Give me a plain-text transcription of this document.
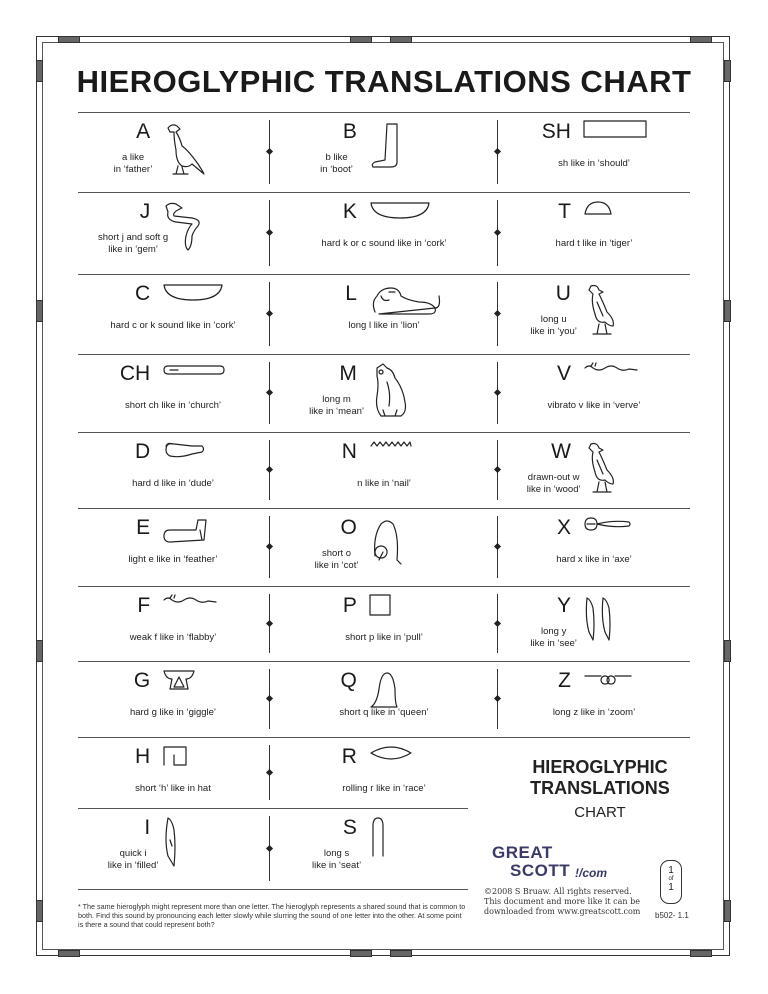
HIEROGLYPHIC TRANSLATIONS CHART
A
a like
in ‘father’
B
b like
in ‘boot’
SH
sh like in ‘should’
J
short j and soft g
like in ‘gem’
K
hard k or c sound like in ‘cork’
T
hard t like in ‘tiger’
C
hard c or k sound like in ‘cork’
L
long l like in ‘lion’
U
long u
like in ‘you’
CH
short ch like in ‘church’
M
long m
like in ‘mean’
V
vibrato v like in ‘verve’
D
hard d like in ‘dude’
N
n like in ‘nail’
W
drawn-out w
like in ‘wood’
E
light e like in ‘feather’
O
short o
like in ‘cot’
X
hard x like in ‘axe’
F
weak f like in ‘flabby’
P
short p like in ‘pull’
Y
long y
like in ‘see’
G
hard g like in ‘giggle’
Q
short q like in ‘queen’
Z
long z like in ‘zoom’
H
short ‘h’ like in hat
R
rolling r like in ‘race’
I
quick i
like in ‘filled’
S
long s
like in ‘seat’
HIEROGLYPHIC
TRANSLATIONS
CHART
GREAT
SCOTT !/com
©2008 S Bruaw. All rights reserved.
This document and more like it can be
downloaded from www.greatscott.com
1
of
1
b502- 1.1
* The same hieroglyph might represent more than one letter. The hieroglyph represents a shared sound that is common to both. Find this sound by pronouncing each letter slowly while slurring the sound of one letter into the other. At some point is there a sound that could represent both?
